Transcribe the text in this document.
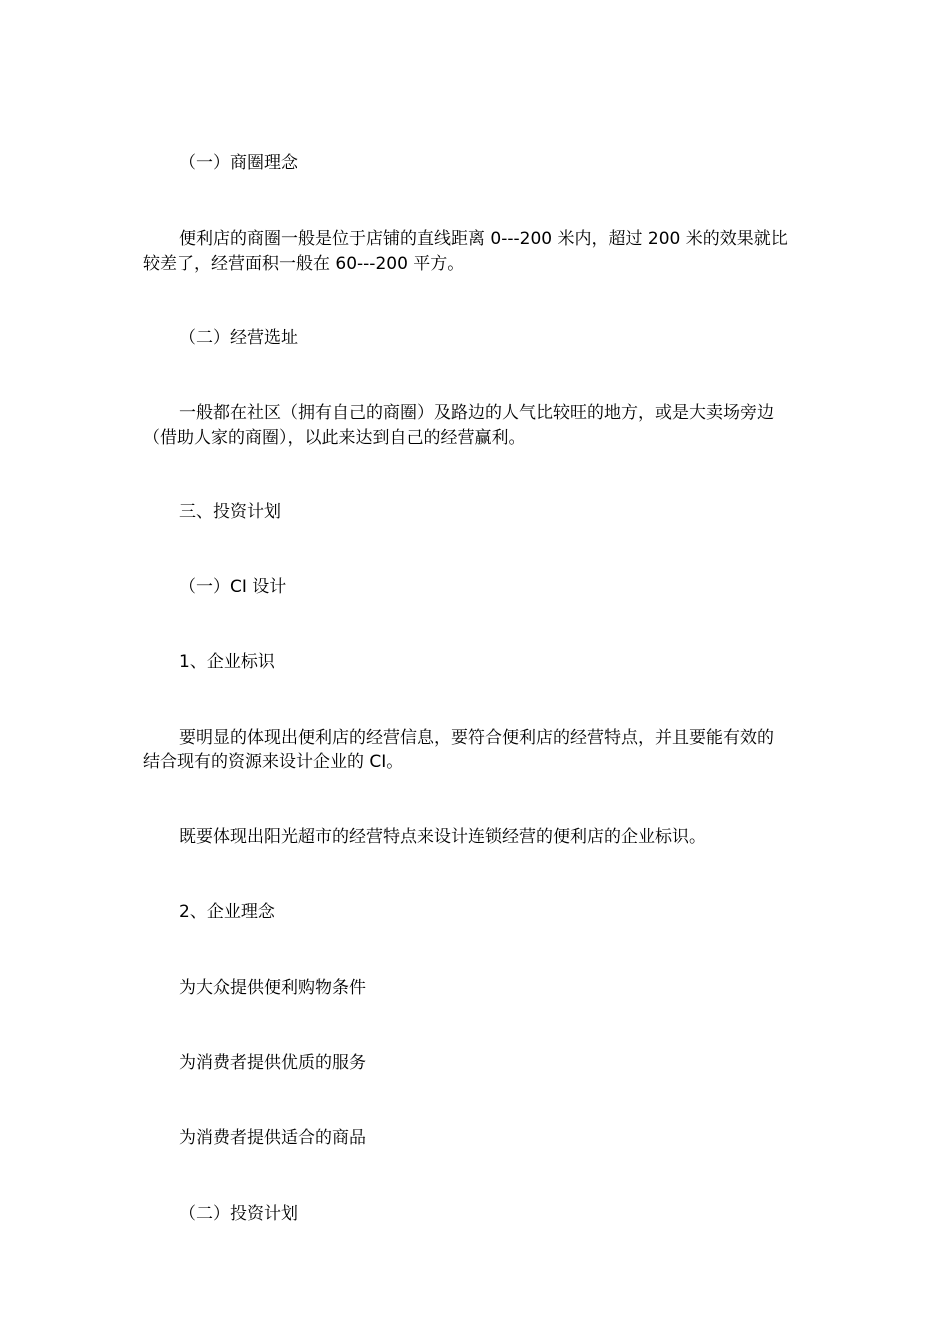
（一）商圈理念
便利店的商圈一般是位于店铺的直线距离 0---200 米内，超过 200 米的效果就比
较差了，经营面积一般在 60---200 平方。
（二）经营选址
一般都在社区（拥有自己的商圈）及路边的人气比较旺的地方，或是大卖场旁边
（借助人家的商圈），以此来达到自己的经营赢利。
三、投资计划
（一）CI 设计
1、企业标识
要明显的体现出便利店的经营信息，要符合便利店的经营特点，并且要能有效的
结合现有的资源来设计企业的 CI。
既要体现出阳光超市的经营特点来设计连锁经营的便利店的企业标识。
2、企业理念
为大众提供便利购物条件
为消费者提供优质的服务
为消费者提供适合的商品
（二）投资计划
